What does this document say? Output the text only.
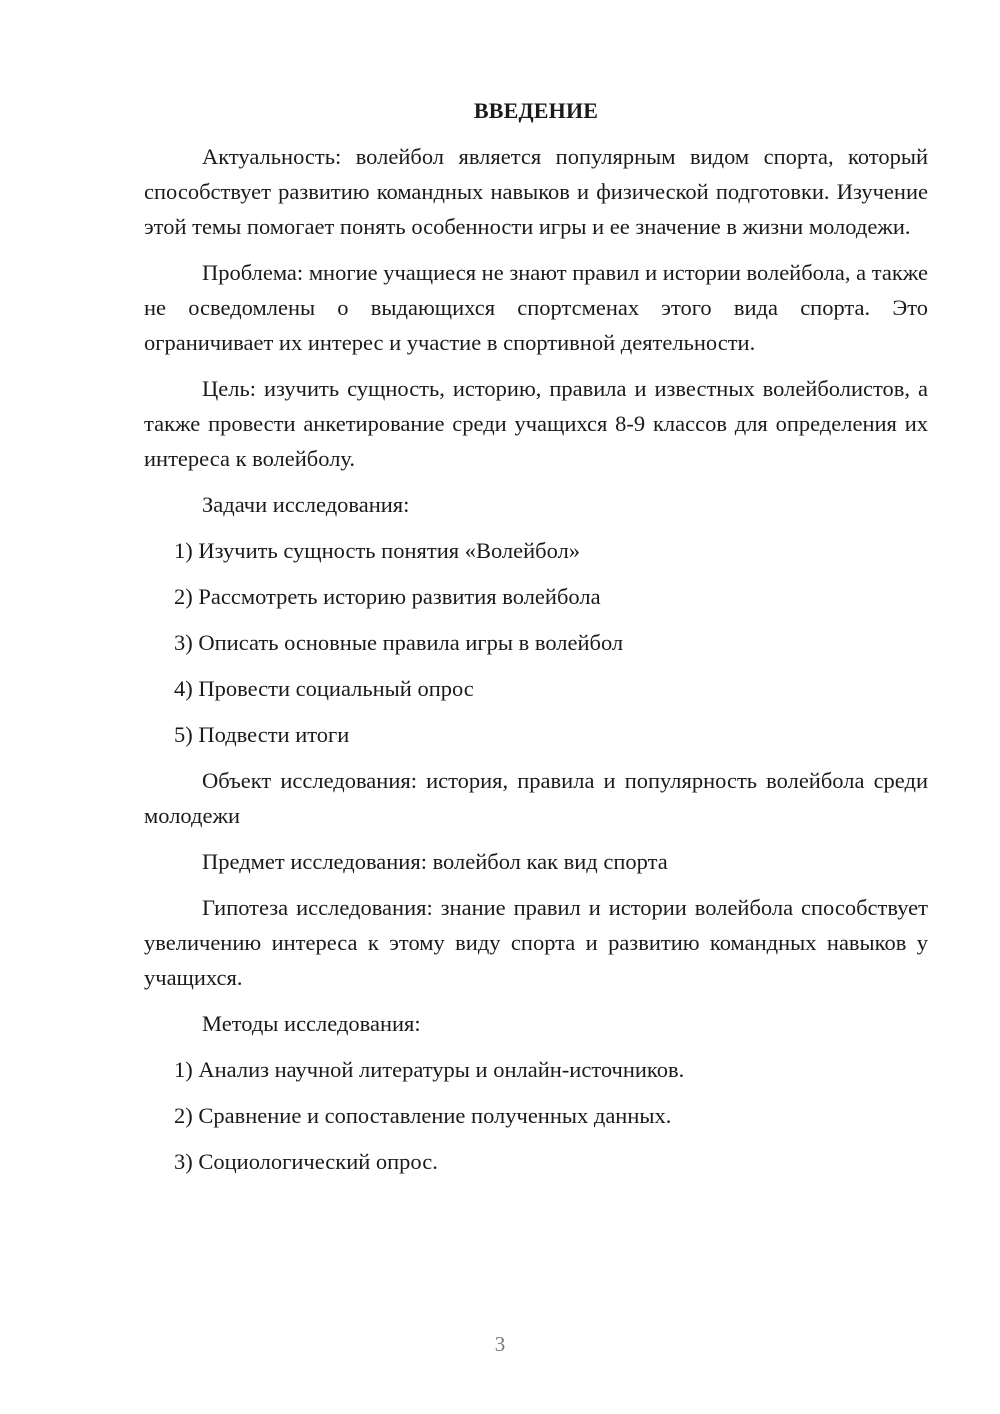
ВВЕДЕНИЕ

Актуальность: волейбол является популярным видом спорта, который способствует развитию командных навыков и физической подготовки. Изучение этой темы помогает понять особенности игры и ее значение в жизни молодежи.

Проблема: многие учащиеся не знают правил и истории волейбола, а также не осведомлены о выдающихся спортсменах этого вида спорта. Это ограничивает их интерес и участие в спортивной деятельности.

Цель: изучить сущность, историю, правила и известных волейболистов, а также провести анкетирование среди учащихся 8-9 классов для определения их интереса к волейболу.

Задачи исследования:

1) Изучить сущность понятия «Волейбол»
2) Рассмотреть историю развития волейбола
3) Описать основные правила игры в волейбол
4) Провести социальный опрос
5) Подвести итоги

Объект исследования: история, правила и популярность волейбола среди молодежи

Предмет исследования: волейбол как вид спорта

Гипотеза исследования: знание правил и истории волейбола способствует увеличению интереса к этому виду спорта и развитию командных навыков у учащихся.

Методы исследования:

1) Анализ научной литературы и онлайн-источников.
2) Сравнение и сопоставление полученных данных.
3) Социологический опрос.
3
